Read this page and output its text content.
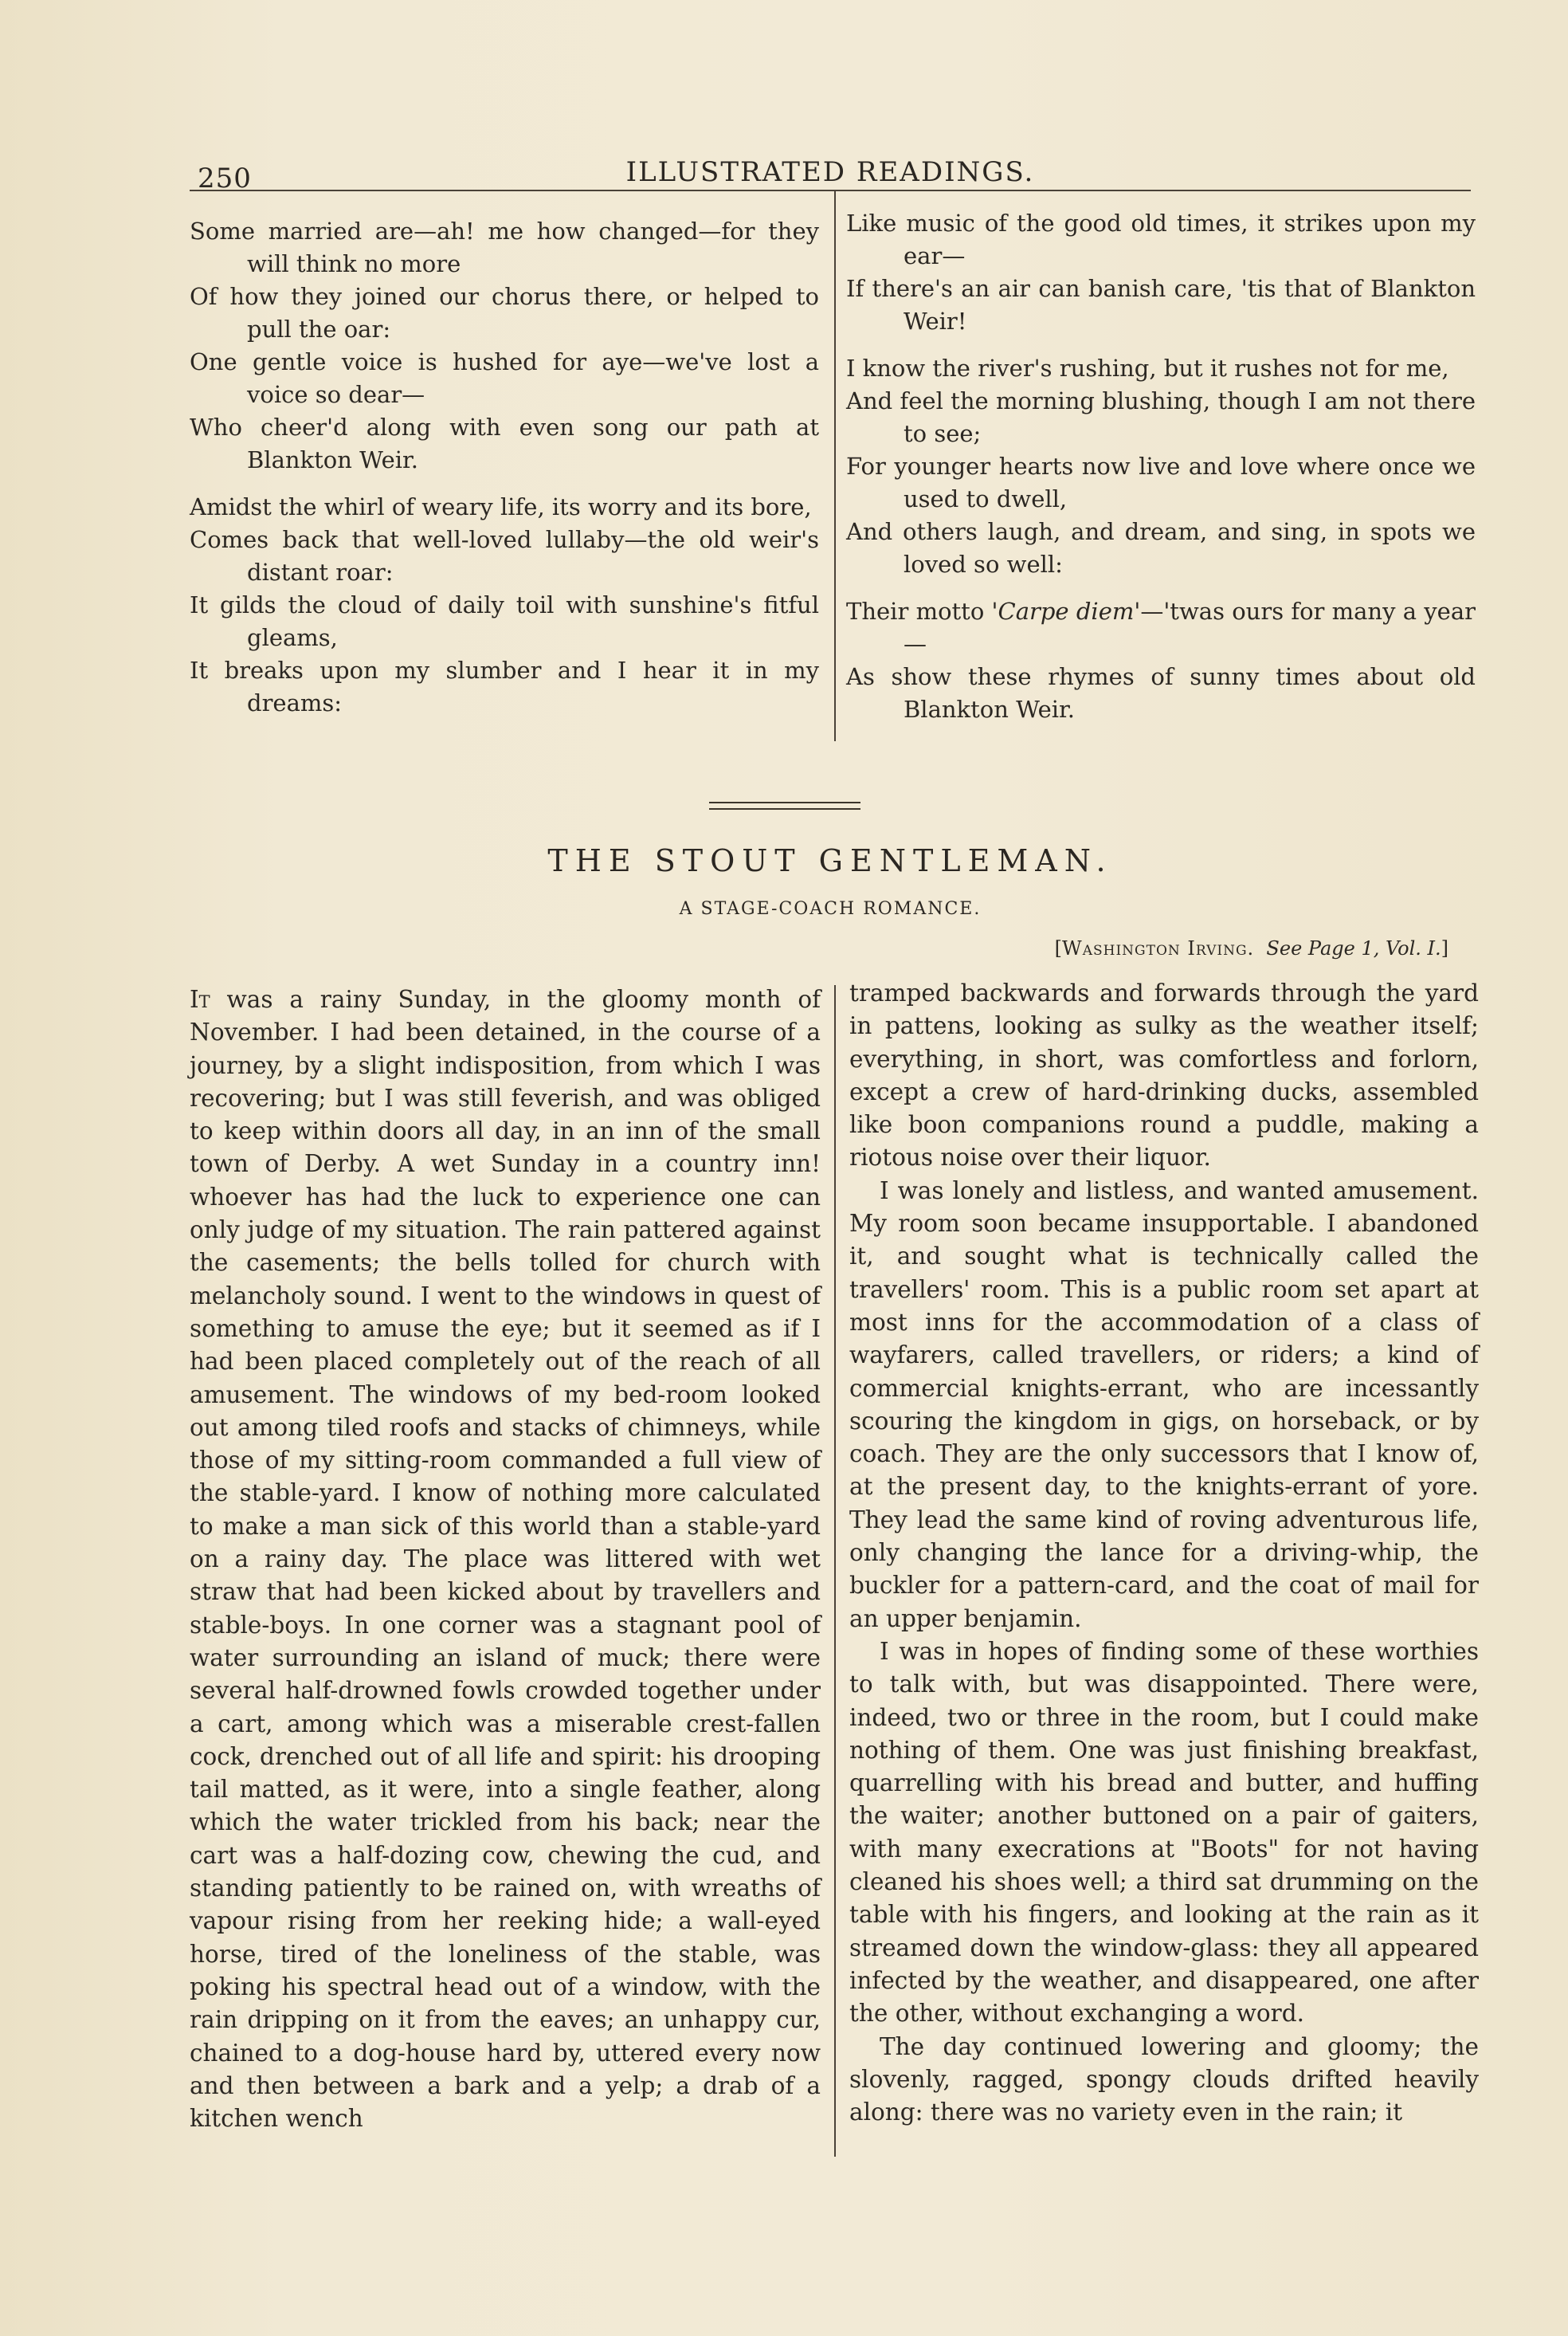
250	ILLUSTRATED READINGS.
Some married are—ah! me how changed—for they will think no more
Of how they joined our chorus there, or helped to pull the oar:
One gentle voice is hushed for aye—we've lost a voice so dear—
Who cheer'd along with even song our path at Blankton Weir.
Amidst the whirl of weary life, its worry and its bore,
Comes back that well-loved lullaby—the old weir's distant roar:
It gilds the cloud of daily toil with sunshine's fitful gleams,
It breaks upon my slumber and I hear it in my dreams:
Like music of the good old times, it strikes upon my ear—
If there's an air can banish care, 'tis that of Blankton Weir!
I know the river's rushing, but it rushes not for me,
And feel the morning blushing, though I am not there to see;
For younger hearts now live and love where once we used to dwell,
And others laugh, and dream, and sing, in spots we loved so well:
Their motto 'Carpe diem'—'twas ours for many a year—
As show these rhymes of sunny times about old Blankton Weir.
THE STOUT GENTLEMAN.
A STAGE-COACH ROMANCE.
[Washington Irving. See Page 1, Vol. I.]

It was a rainy Sunday, in the gloomy month of November. I had been detained, in the course of a journey, by a slight indisposition, from which I was recovering; but I was still feverish, and was obliged to keep within doors all day, in an inn of the small town of Derby. A wet Sunday in a country inn! whoever has had the luck to experience one can only judge of my situation. The rain pattered against the casements; the bells tolled for church with melancholy sound. I went to the windows in quest of something to amuse the eye; but it seemed as if I had been placed completely out of the reach of all amusement. The windows of my bed-room looked out among tiled roofs and stacks of chimneys, while those of my sitting-room commanded a full view of the stable-yard. I know of nothing more calculated to make a man sick of this world than a stable-yard on a rainy day. The place was littered with wet straw that had been kicked about by travellers and stable-boys. In one corner was a stagnant pool of water surrounding an island of muck; there were several half-drowned fowls crowded together under a cart, among which was a miserable crest-fallen cock, drenched out of all life and spirit: his drooping tail matted, as it were, into a single feather, along which the water trickled from his back; near the cart was a half-dozing cow, chewing the cud, and standing patiently to be rained on, with wreaths of vapour rising from her reeking hide; a wall-eyed horse, tired of the loneliness of the stable, was poking his spectral head out of a window, with the rain dripping on it from the eaves; an unhappy cur, chained to a dog-house hard by, uttered every now and then between a bark and a yelp; a drab of a kitchen wench

tramped backwards and forwards through the yard in pattens, looking as sulky as the weather itself; everything, in short, was comfortless and forlorn, except a crew of hard-drinking ducks, assembled like boon companions round a puddle, making a riotous noise over their liquor.

I was lonely and listless, and wanted amusement. My room soon became insupportable. I abandoned it, and sought what is technically called the travellers' room. This is a public room set apart at most inns for the accommodation of a class of wayfarers, called travellers, or riders; a kind of commercial knights-errant, who are incessantly scouring the kingdom in gigs, on horseback, or by coach. They are the only successors that I know of, at the present day, to the knights-errant of yore. They lead the same kind of roving adventurous life, only changing the lance for a driving-whip, the buckler for a pattern-card, and the coat of mail for an upper benjamin.

I was in hopes of finding some of these worthies to talk with, but was disappointed. There were, indeed, two or three in the room, but I could make nothing of them. One was just finishing breakfast, quarrelling with his bread and butter, and huffing the waiter; another buttoned on a pair of gaiters, with many execrations at "Boots" for not having cleaned his shoes well; a third sat drumming on the table with his fingers, and looking at the rain as it streamed down the window-glass: they all appeared infected by the weather, and disappeared, one after the other, without exchanging a word.

The day continued lowering and gloomy; the slovenly, ragged, spongy clouds drifted heavily along: there was no variety even in the rain; it
